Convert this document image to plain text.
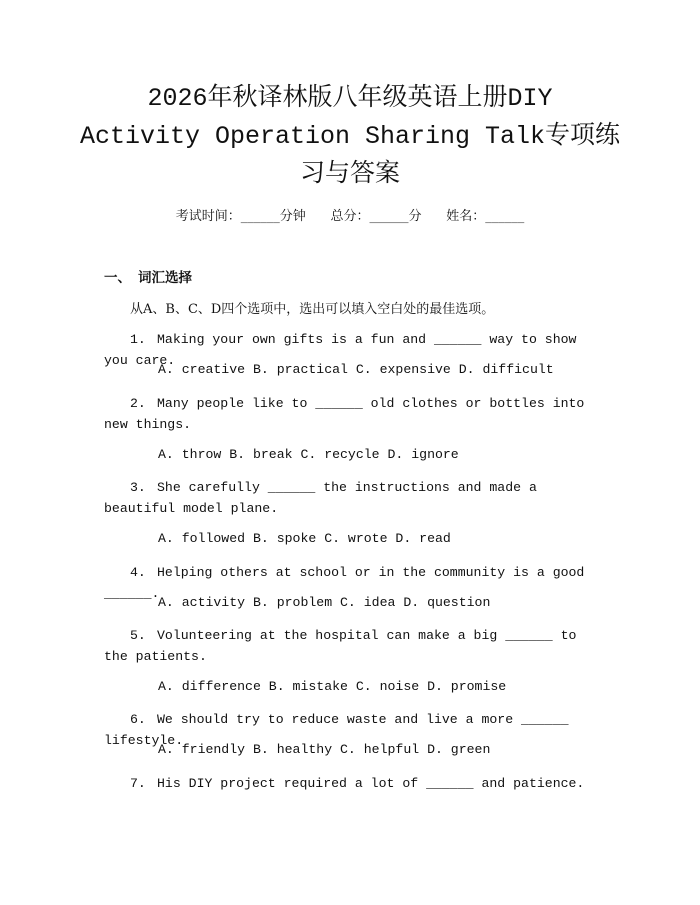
2026年秋译林版八年级英语上册DIY
Activity Operation Sharing Talk专项练
习与答案
考试时间：______分钟      总分：______分      姓名：______
一、 词汇选择
从A、B、C、D四个选项中，选出可以填入空白处的最佳选项。
1. Making your own gifts is a fun and ______ way to show you care.
A. creative B. practical C. expensive D. difficult
2. Many people like to ______ old clothes or bottles into new things.
A. throw B. break C. recycle D. ignore
3. She carefully ______ the instructions and made a beautiful model plane.
A. followed B. spoke C. wrote D. read
4. Helping others at school or in the community is a good ______.
A. activity B. problem C. idea D. question
5. Volunteering at the hospital can make a big ______ to the patients.
A. difference B. mistake C. noise D. promise
6. We should try to reduce waste and live a more ______ lifestyle.
A. friendly B. healthy C. helpful D. green
7. His DIY project required a lot of ______ and patience.
